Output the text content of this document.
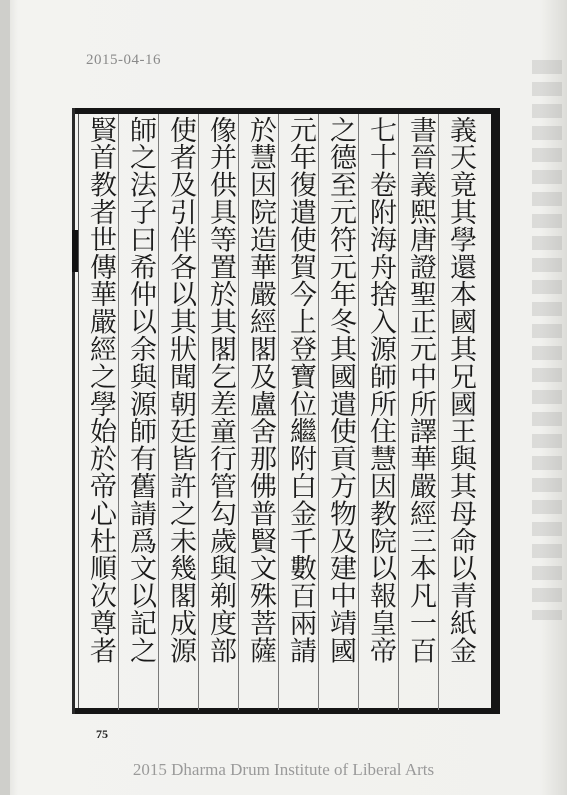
2015-04-16
義天竟其學還本國其兄國王與其母命以青紙金
書晉義熙唐證聖正元中所譯華嚴經三本凡一百
七十卷附海舟捨入源師所住慧因教院以報皇帝
之德至元符元年冬其國遣使貢方物及建中靖國
元年復遣使賀今上登寶位繼附白金千數百兩請
於慧因院造華嚴經閣及盧舍那佛普賢文殊菩薩
像并供具等置於其閣乞差童行管勾歲與剃度部
使者及引伴各以其狀聞朝廷皆許之未幾閣成源
師之法子曰希仲以余與源師有舊請爲文以記之
賢首教者世傳華嚴經之學始於帝心杜順次尊者
75
2015 Dharma Drum Institute of Liberal Arts
